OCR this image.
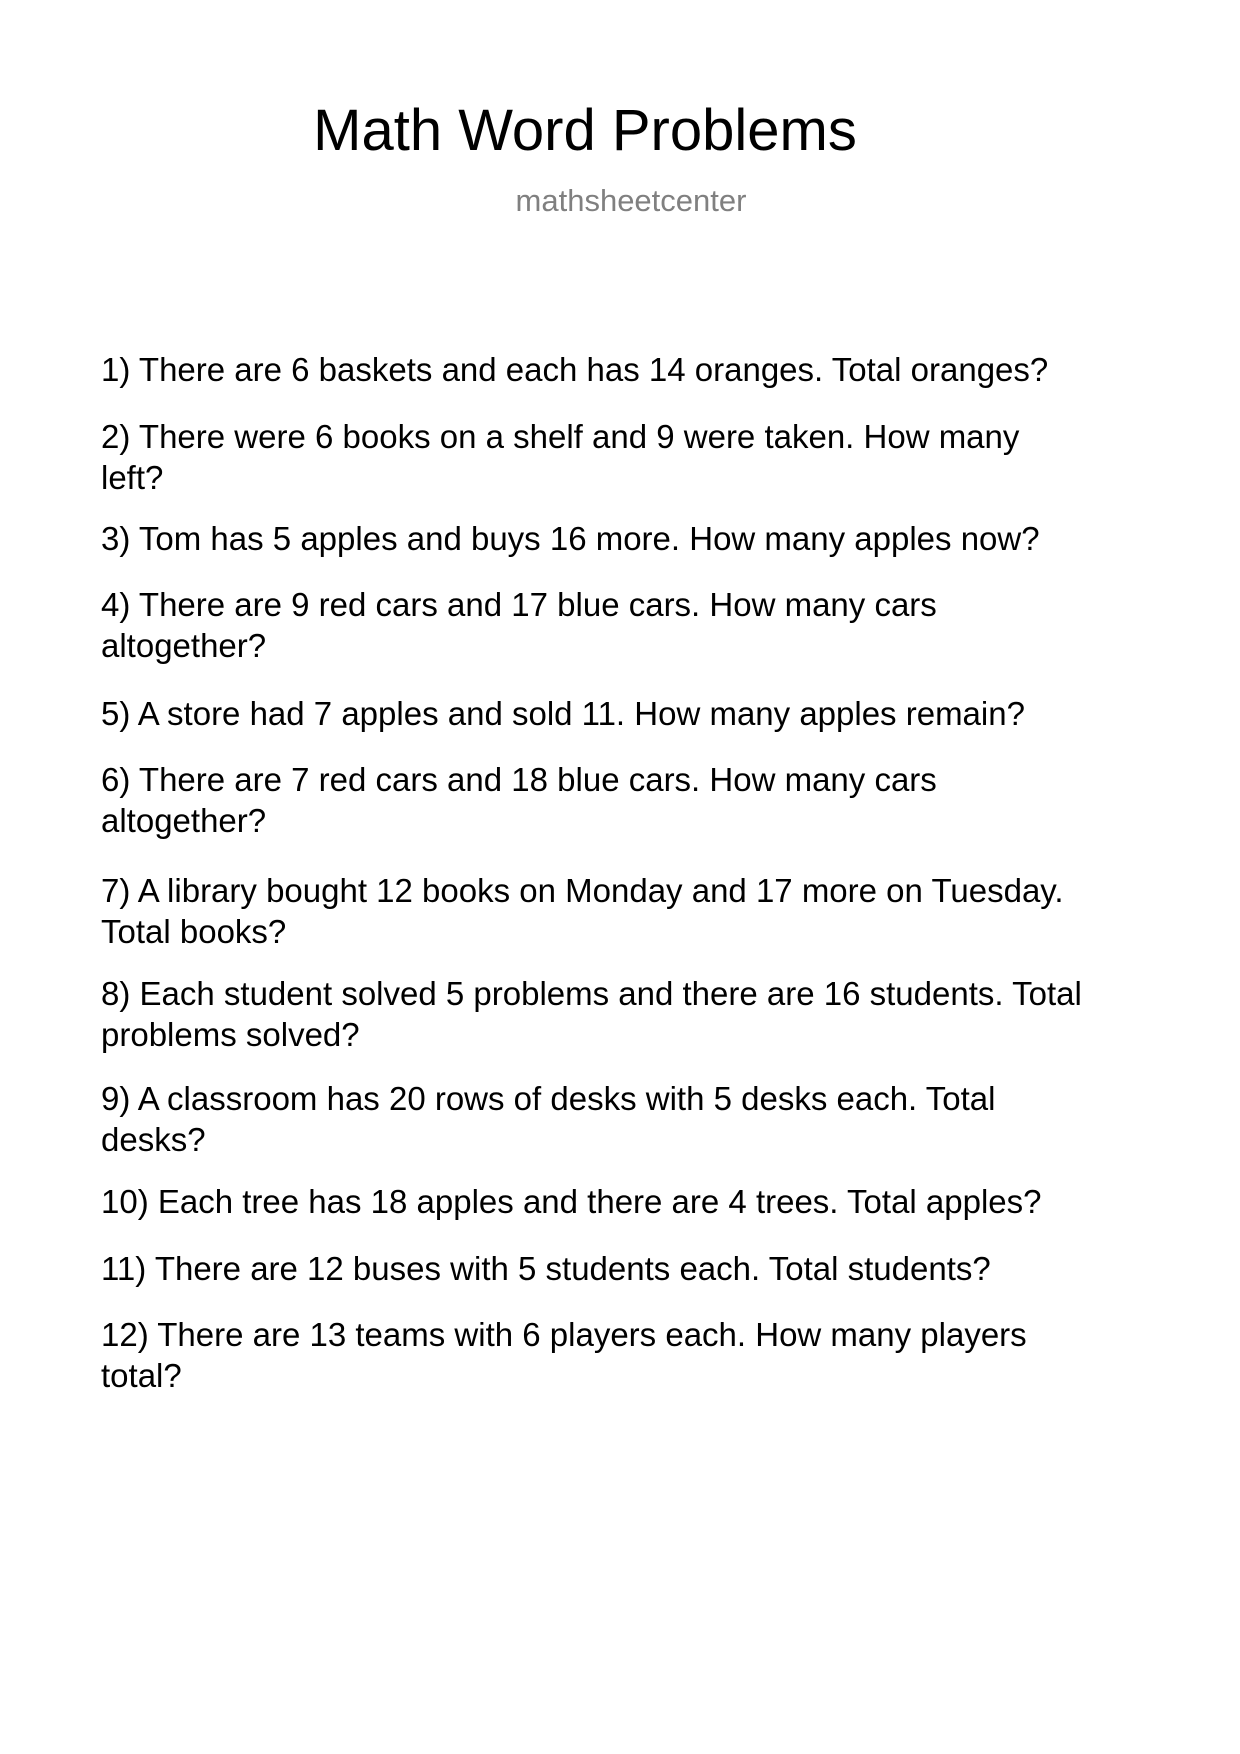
Math Word Problems
mathsheetcenter
1) There are 6 baskets and each has 14 oranges. Total oranges?
2) There were 6 books on a shelf and 9 were taken. How many
left?
3) Tom has 5 apples and buys 16 more. How many apples now?
4) There are 9 red cars and 17 blue cars. How many cars
altogether?
5) A store had 7 apples and sold 11. How many apples remain?
6) There are 7 red cars and 18 blue cars. How many cars
altogether?
7) A library bought 12 books on Monday and 17 more on Tuesday.
Total books?
8) Each student solved 5 problems and there are 16 students. Total
problems solved?
9) A classroom has 20 rows of desks with 5 desks each. Total
desks?
10) Each tree has 18 apples and there are 4 trees. Total apples?
11) There are 12 buses with 5 students each. Total students?
12) There are 13 teams with 6 players each. How many players
total?
